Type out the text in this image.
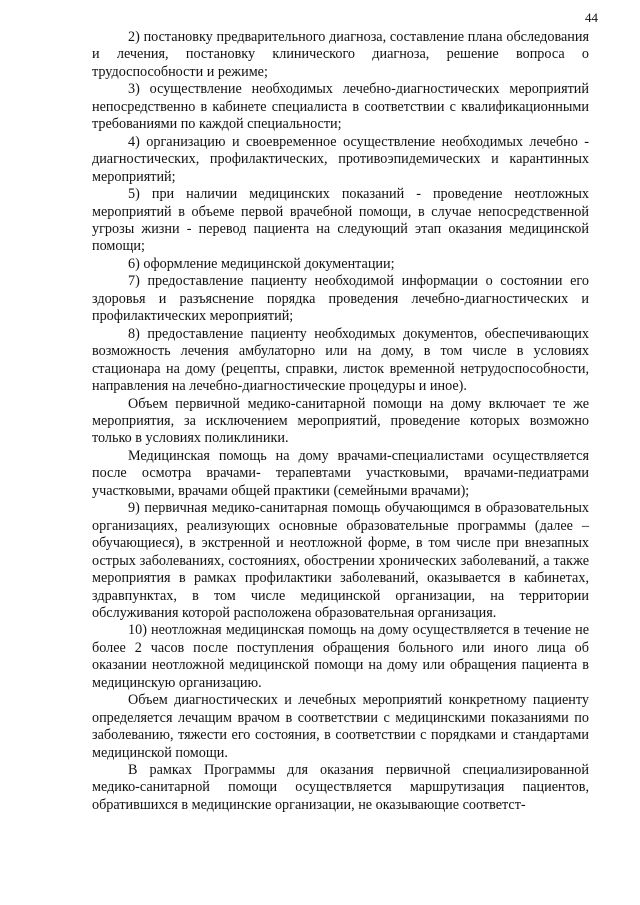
44

2) постановку предварительного диагноза, составление плана обследования и лечения, постановку клинического диагноза, решение вопроса о трудоспособности и режиме;

3) осуществление необходимых лечебно-диагностических мероприятий непосредственно в кабинете специалиста в соответствии с квалификационными требованиями по каждой специальности;

4) организацию и своевременное осуществление необходимых лечебно - диагностических, профилактических, противоэпидемических и карантинных мероприятий;

5) при наличии медицинских показаний - проведение неотложных мероприятий в объеме первой врачебной помощи, в случае непосредственной угрозы жизни - перевод пациента на следующий этап оказания медицинской помощи;

6) оформление медицинской документации;

7) предоставление пациенту необходимой информации о состоянии его здоровья и разъяснение порядка проведения лечебно-диагностических и профилактических мероприятий;

8) предоставление пациенту необходимых документов, обеспечивающих возможность лечения амбулаторно или на дому, в том числе в условиях стационара на дому (рецепты, справки, листок временной нетрудоспособности, направления на лечебно-диагностические процедуры и иное).

Объем первичной медико-санитарной помощи на дому включает те же мероприятия, за исключением мероприятий, проведение которых возможно только в условиях поликлиники.

Медицинская помощь на дому врачами-специалистами осуществляется после осмотра врачами- терапевтами участковыми, врачами-педиатрами участковыми, врачами общей практики (семейными врачами);

9) первичная медико-санитарная помощь обучающимся в образовательных организациях, реализующих основные образовательные программы (далее – обучающиеся), в экстренной и неотложной форме, в том числе при внезапных острых заболеваниях, состояниях, обострении хронических заболеваний, а также мероприятия в рамках профилактики заболеваний, оказывается в кабинетах, здравпунктах, в том числе медицинской организации, на территории обслуживания которой расположена образовательная организация.

10) неотложная медицинская помощь на дому осуществляется в течение не более 2 часов после поступления обращения больного или иного лица об оказании неотложной медицинской помощи на дому или обращения пациента в медицинскую организацию.

Объем диагностических и лечебных мероприятий конкретному пациенту определяется лечащим врачом в соответствии с медицинскими показаниями по заболеванию, тяжести его состояния, в соответствии с порядками и стандартами медицинской помощи.

В рамках Программы для оказания первичной специализированной медико-санитарной помощи осуществляется маршрутизация пациентов, обратившихся в медицинские организации, не оказывающие соответст-
